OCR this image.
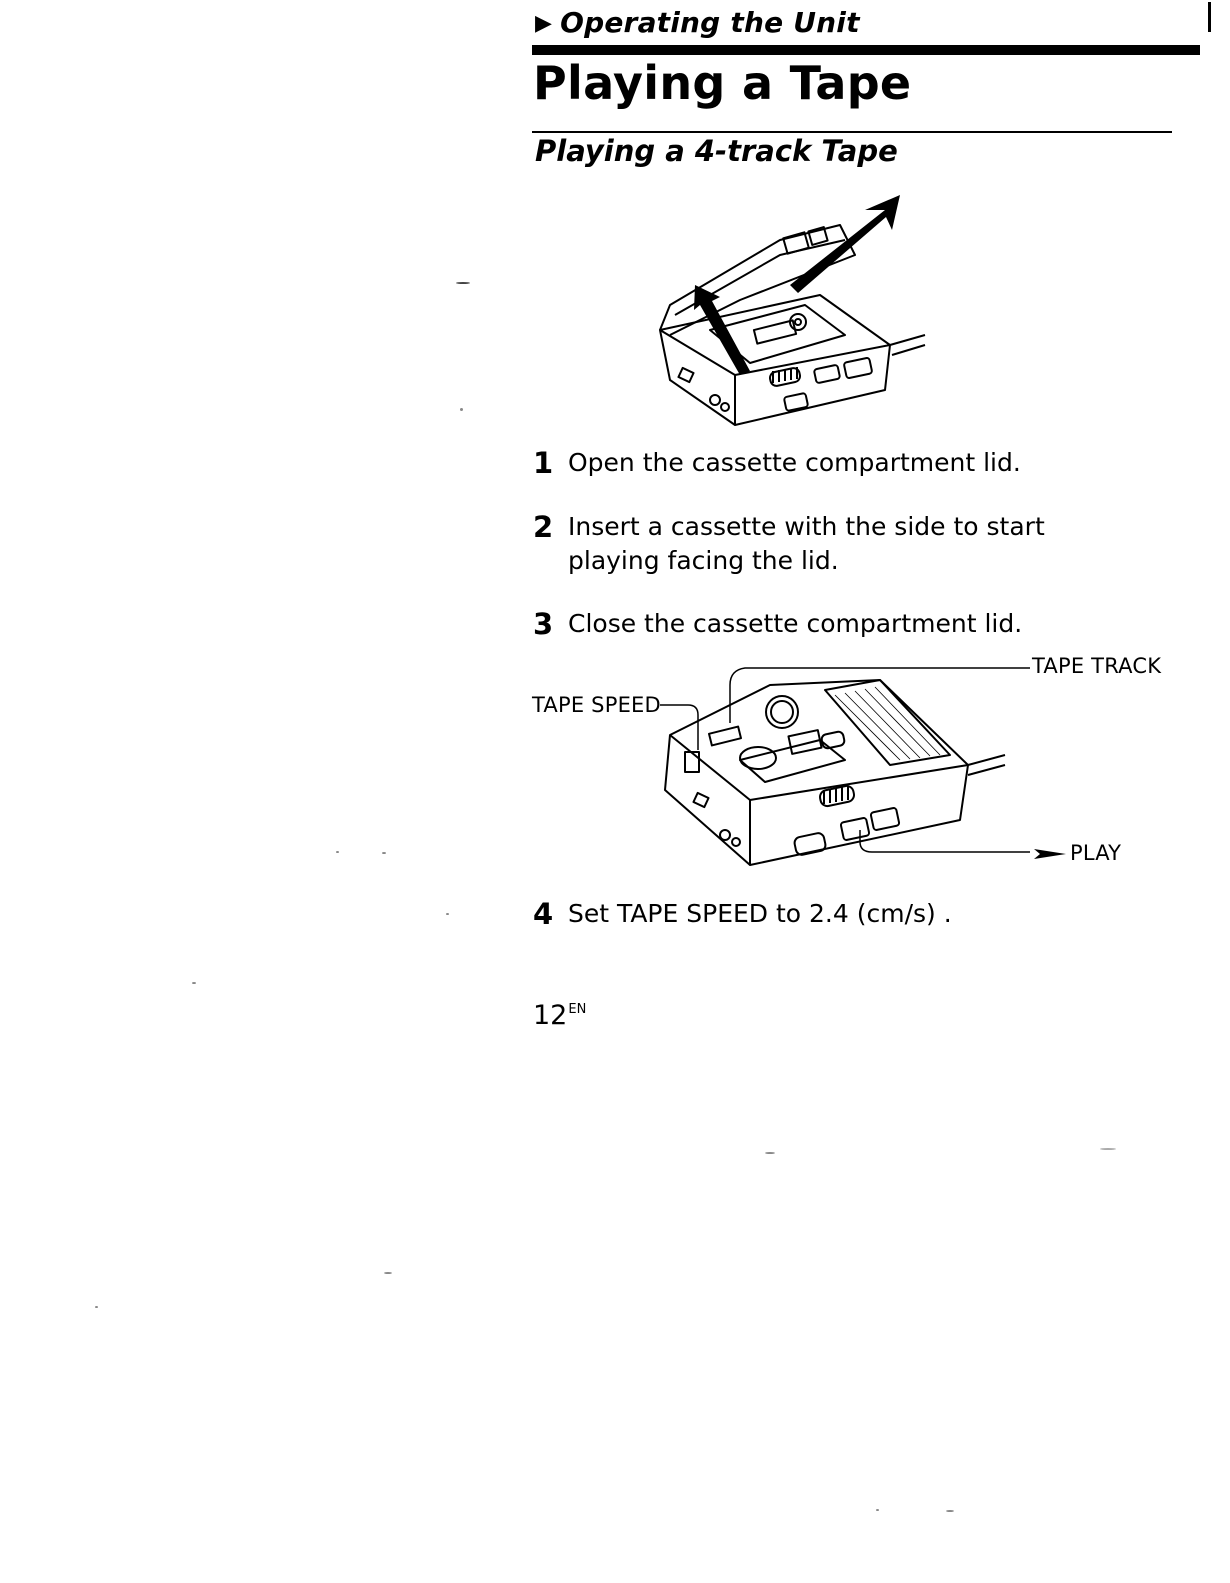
▶ Operating the Unit
Playing a Tape
Playing a 4-track Tape
1 Open the cassette compartment lid.
2 Insert a cassette with the side to start playing facing the lid.
3 Close the cassette compartment lid.
TAPE SPEED
TAPE TRACK
PLAY
4 Set TAPE SPEED to 2.4 (cm/s) .
$12^{EN}$
